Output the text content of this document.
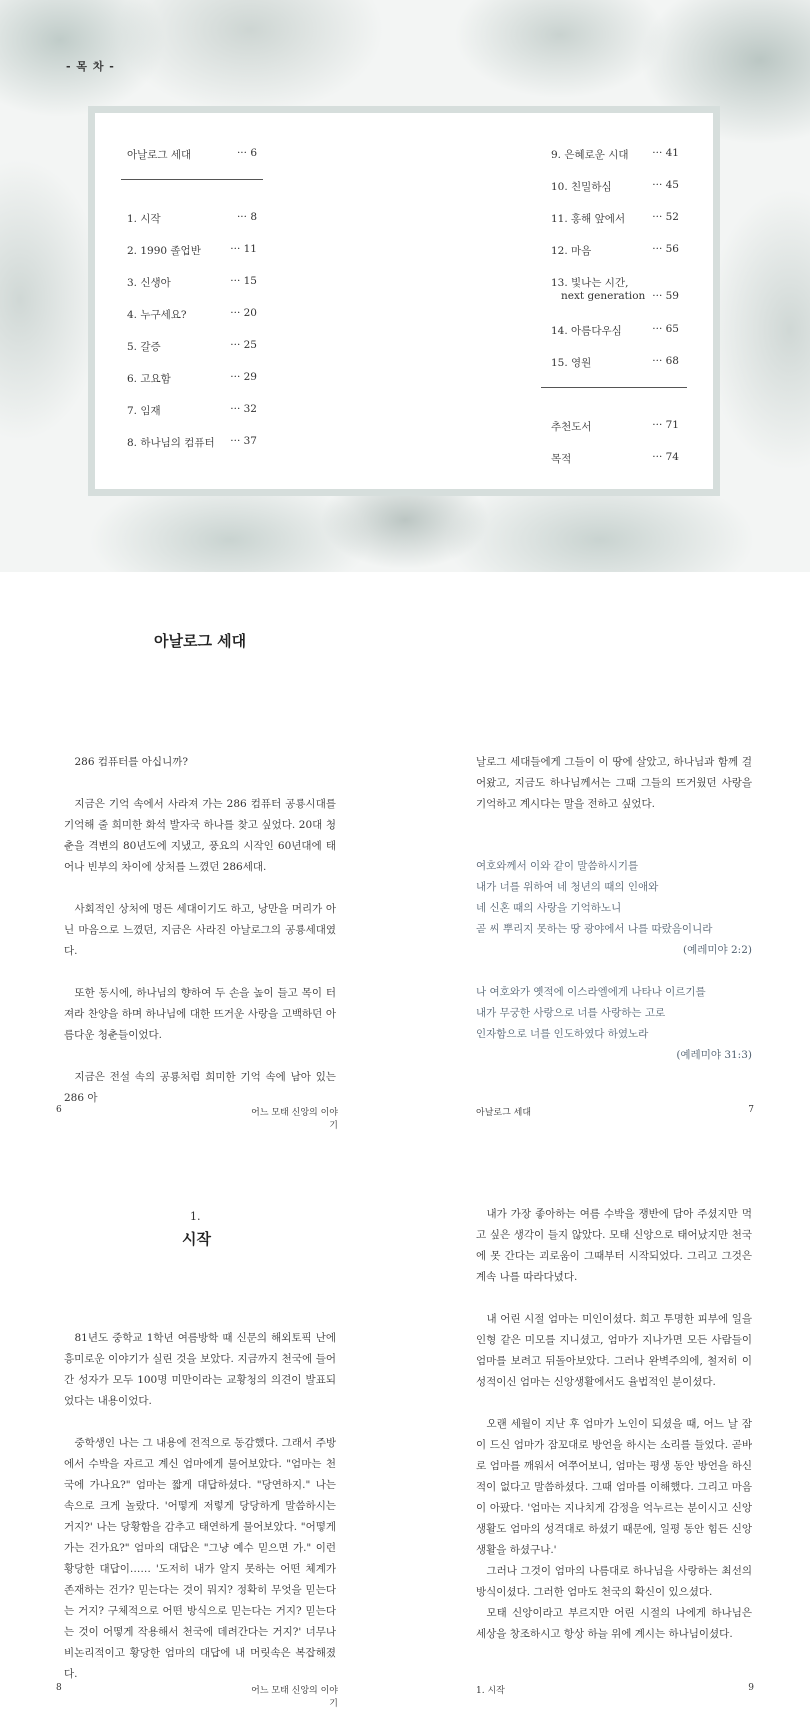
- 목 차 -
아날로그 세대	··· 6
1. 시작	··· 8
2. 1990 졸업반	··· 11
3. 신생아	··· 15
4. 누구세요?	··· 20
5. 갈증	··· 25
6. 고요함	··· 29
7. 임재	··· 32
8. 하나님의 컴퓨터	··· 37
9. 은혜로운 시대	··· 41
10. 친밀하심	··· 45
11. 홍해 앞에서	··· 52
12. 마음	··· 56
13. 빛나는 시간,
next generation ··· 59
14. 아름다우심	··· 65
15. 영원	··· 68
추천도서	··· 71
목적	··· 74
아날로그 세대

286 컴퓨터를 아십니까?

지금은 기억 속에서 사라져 가는 286 컴퓨터 공룡시대를 기억해 줄 희미한 화석 발자국 하나를 찾고 싶었다. 20대 청춘을 격변의 80년도에 지냈고, 풍요의 시작인 60년대에 태어나 빈부의 차이에 상처를 느꼈던 286세대.

사회적인 상처에 멍든 세대이기도 하고, 낭만을 머리가 아닌 마음으로 느꼈던, 지금은 사라진 아날로그의 공룡세대였다.

또한 동시에, 하나님의 향하여 두 손을 높이 들고 목이 터져라 찬양을 하며 하나님에 대한 뜨거운 사랑을 고백하던 아름다운 청춘들이었다.

지금은 전설 속의 공룡처럼 희미한 기억 속에 남아 있는 286 아

날로그 세대들에게 그들이 이 땅에 살았고, 하나님과 함께 걸어왔고, 지금도 하나님께서는 그때 그들의 뜨거웠던 사랑을 기억하고 계시다는 말을 전하고 싶었다.

여호와께서 이와 같이 말씀하시기를
내가 너를 위하여 네 청년의 때의 인애와
네 신혼 때의 사랑을 기억하노니
곧 씨 뿌리지 못하는 땅 광야에서 나를 따랐음이니라
(예레미야 2:2)
나 여호와가 옛적에 이스라엘에게 나타나 이르기를
내가 무궁한 사랑으로 너를 사랑하는 고로
인자함으로 너를 인도하였다 하였노라
(예레미야 31:3)
6	어느 모태 신앙의 이야기
아날로그 세대	7
1.
시작

81년도 중학교 1학년 여름방학 때 신문의 해외토픽 난에 흥미로운 이야기가 실린 것을 보았다. 지금까지 천국에 들어간 성자가 모두 100명 미만이라는 교황청의 의견이 발표되었다는 내용이었다.

중학생인 나는 그 내용에 전적으로 동감했다. 그래서 주방에서 수박을 자르고 계신 엄마에게 물어보았다. "엄마는 천국에 가나요?" 엄마는 짧게 대답하셨다. "당연하지." 나는 속으로 크게 놀랐다. '어떻게 저렇게 당당하게 말씀하시는 거지?' 나는 당황함을 감추고 태연하게 물어보았다. "어떻게 가는 건가요?" 엄마의 대답은 "그냥 예수 믿으면 가." 이런 황당한 대답이…… '도저히 내가 알지 못하는 어떤 체계가 존재하는 건가? 믿는다는 것이 뭐지? 정확히 무엇을 믿는다는 거지? 구체적으로 어떤 방식으로 믿는다는 거지? 믿는다는 것이 어떻게 작용해서 천국에 데려간다는 거지?' 너무나 비논리적이고 황당한 엄마의 대답에 내 머릿속은 복잡해졌다.

내가 가장 좋아하는 여름 수박을 쟁반에 담아 주셨지만 먹고 싶은 생각이 들지 않았다. 모태 신앙으로 태어났지만 천국에 못 간다는 괴로움이 그때부터 시작되었다. 그리고 그것은 계속 나를 따라다녔다.

내 어린 시절 엄마는 미인이셨다. 희고 투명한 피부에 일을 인형 같은 미모를 지니셨고, 엄마가 지나가면 모든 사람들이 엄마를 보려고 뒤돌아보았다. 그러나 완벽주의에, 철저히 이성적이신 엄마는 신앙생활에서도 율법적인 분이셨다.

오랜 세월이 지난 후 엄마가 노인이 되셨을 때, 어느 날 잠이 드신 엄마가 잠꼬대로 방언을 하시는 소리를 들었다. 곧바로 엄마를 깨워서 여쭈어보니, 엄마는 평생 동안 방언을 하신 적이 없다고 말씀하셨다. 그때 엄마를 이해했다. 그리고 마음이 아팠다. '엄마는 지나치게 감정을 억누르는 분이시고 신앙생활도 엄마의 성격대로 하셨기 때문에, 일평 동안 힘든 신앙생활을 하셨구나.'

그러나 그것이 엄마의 나름대로 하나님을 사랑하는 최선의 방식이셨다. 그러한 엄마도 천국의 확신이 있으셨다.

모태 신앙이라고 부르지만 어린 시절의 나에게 하나님은 세상을 창조하시고 항상 하늘 위에 계시는 하나님이셨다.

8	어느 모태 신앙의 이야기
1. 시작	9
